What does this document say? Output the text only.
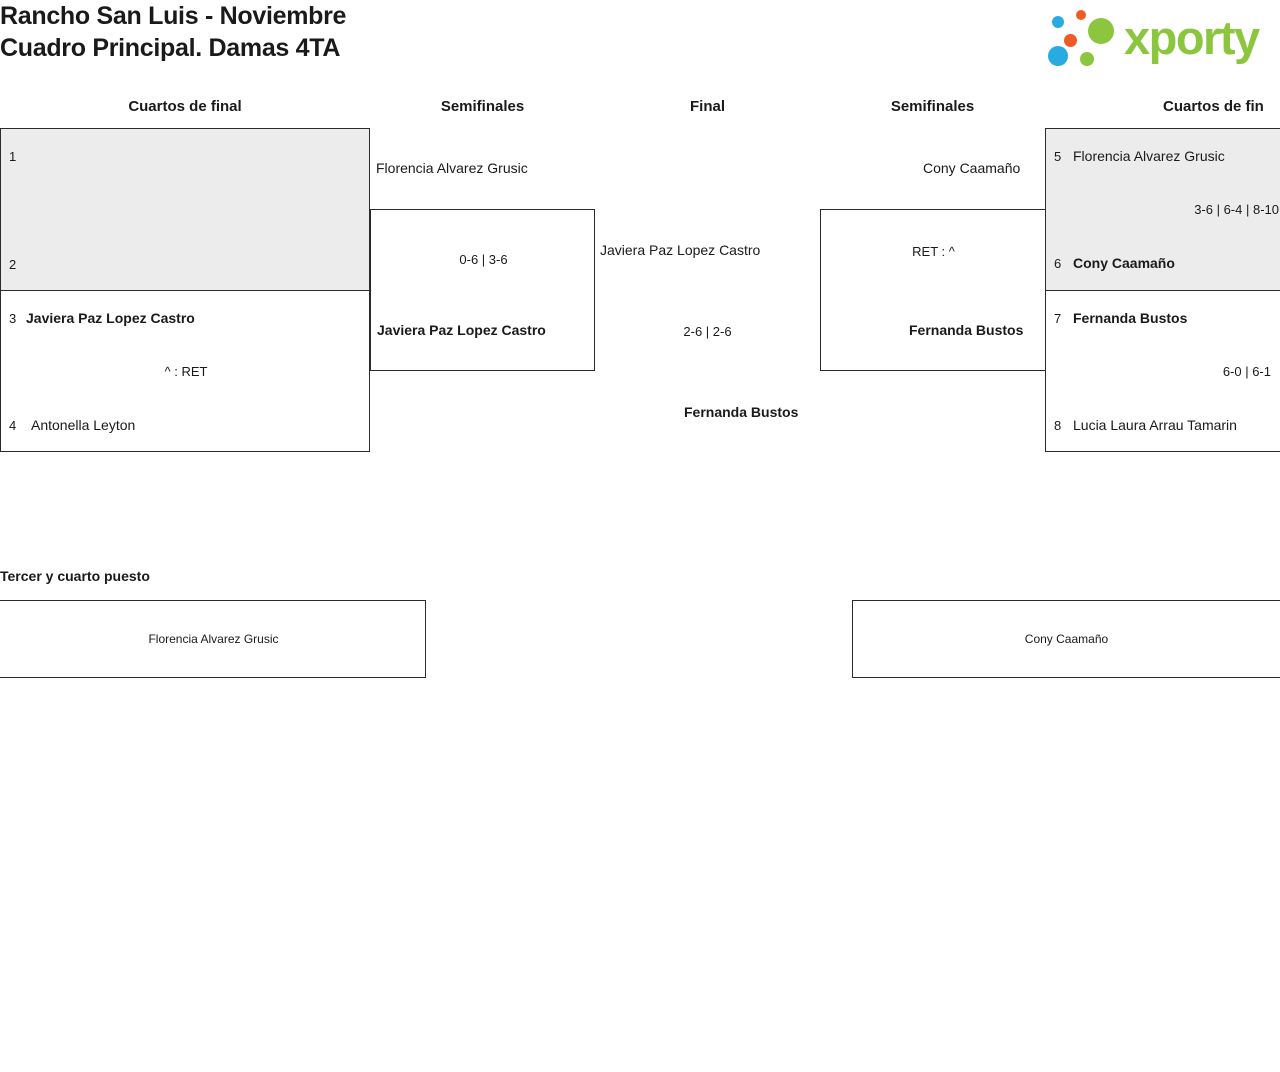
Rancho San Luis - Noviembre
Cuadro Principal. Damas 4TA	xporty
Cuartos de final	Semifinales	Final	Semifinales	Cuartos de fin
1
2
3 Javiera Paz Lopez Castro
^ : RET
4 Antonella Leyton
0-6 | 3-6
Javiera Paz Lopez Castro
Florencia Alvarez Grusic
Javiera Paz Lopez Castro
2-6 | 2-6
Fernanda Bustos
RET : ^
Fernanda Bustos
Cony Caamaño
5 Florencia Alvarez Grusic
3-6 | 6-4 | 8-10
6 Cony Caamaño
7 Fernanda Bustos
6-0 | 6-1
8 Lucia Laura Arrau Tamarin
Tercer y cuarto puesto
Florencia Alvarez Grusic	Cony Caamaño
